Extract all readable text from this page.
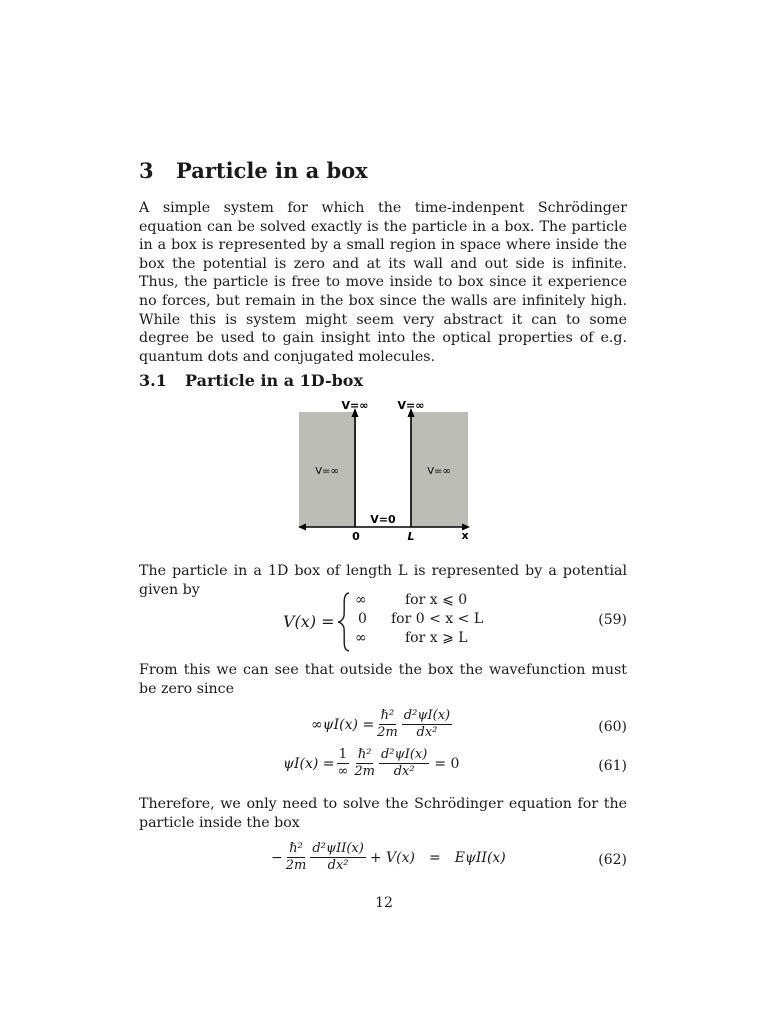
3 Particle in a box

A simple system for which the time-indenpent Schrödinger equation can be solved exactly is the particle in a box. The particle in a box is represented by a small region in space where inside the box the potential is zero and at its wall and out side is infinite. Thus, the particle is free to move inside to box since it experience no forces, but remain in the box since the walls are infinitely high. While this is system might seem very abstract it can to some degree be used to gain insight into the optical properties of e.g. quantum dots and conjugated molecules.

3.1 Particle in a 1D-box
V=∞	V=∞
V=∞	V=∞
V=0
0	L	x

The particle in a 1D box of length L is represented by a potential given by

V(x) =
∞	for x ⩽ 0
0 for 0 < x < L
∞	for x ⩾ L
(59)

From this we can see that outside the box the wavefunction must be zero since

$\infty\psi I(x) = \frac{\text{ℏ²}}{2m} \frac{\text{d²ψI(x)}}{\text{dx²}}$	(60)
$\psi I(x) = \frac{1}{\infty} \frac{\text{ℏ²}}{2m} \frac{\text{d²ψI(x)}}{\text{dx²}} = 0$	(61)

Therefore, we only need to solve the Schrödinger equation for the particle inside the box

− $\frac{\text{ℏ²}}{2m} \frac{\text{d²ψII(x)}}{\text{dx²}} + V(x) = E\psi II(x)$	(62)
12
